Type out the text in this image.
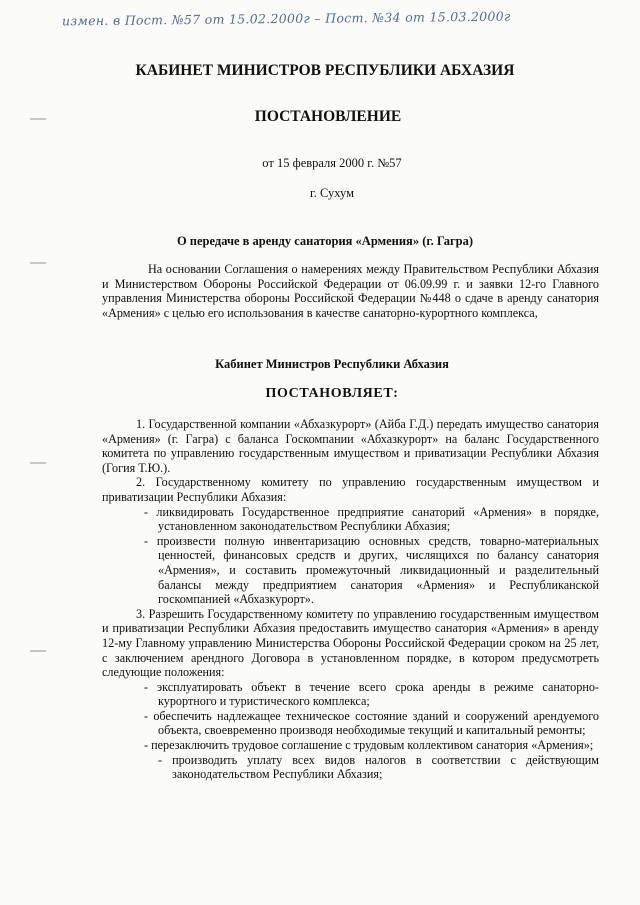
измен. в Пост. №57 от 15.02.2000г – Пост. №34 от 15.03.2000г
КАБИНЕТ МИНИСТРОВ РЕСПУБЛИКИ АБХАЗИЯ
ПОСТАНОВЛЕНИЕ
от 15 февраля 2000 г. №57
г. Сухум
О передаче в аренду санатория «Армения» (г. Гагра)

На основании Соглашения о намерениях между Правительством Республики Абхазия и Министерством Обороны Российской Федерации от 06.09.99 г. и заявки 12-го Главного управления Министерства обороны Российской Федерации №448 о сдаче в аренду санатория «Армения» с целью его использования в качестве санаторно-курортного комплекса,

Кабинет Министров Республики Абхазия
ПОСТАНОВЛЯЕТ:

1. Государственной компании «Абхазкурорт» (Айба Г.Д.) передать имущество санатория «Армения» (г. Гагра) с баланса Госкомпании «Абхазкурорт» на баланс Государственного комитета по управлению государственным имуществом и приватизации Республики Абхазия (Гогия Т.Ю.).

2. Государственному комитету по управлению государственным имуществом и приватизации Республики Абхазия:

- ликвидировать Государственное предприятие санаторий «Армения» в порядке, установленном законодательством Республики Абхазия;

- произвести полную инвентаризацию основных средств, товарно-материальных ценностей, финансовых средств и других, числящихся по балансу санатория «Армения», и составить промежуточный ликвидационный и разделительный балансы между предприятием санатория «Армения» и Республиканской госкомпанией «Абхазкурорт».

3. Разрешить Государственному комитету по управлению государственным имуществом и приватизации Республики Абхазия предоставить имущество санатория «Армения» в аренду 12-му Главному управлению Министерства Обороны Российской Федерации сроком на 25 лет, с заключением арендного Договора в установленном порядке, в котором предусмотреть следующие положения:

- эксплуатировать объект в течение всего срока аренды в режиме санаторно-курортного и туристического комплекса;

- обеспечить надлежащее техническое состояние зданий и сооружений арендуемого объекта, своевременно производя необходимые текущий и капитальный ремонты;

- перезаключить трудовое соглашение с трудовым коллективом санатория «Армения»;

- производить уплату всех видов налогов в соответствии с действующим законодательством Республики Абхазия;
